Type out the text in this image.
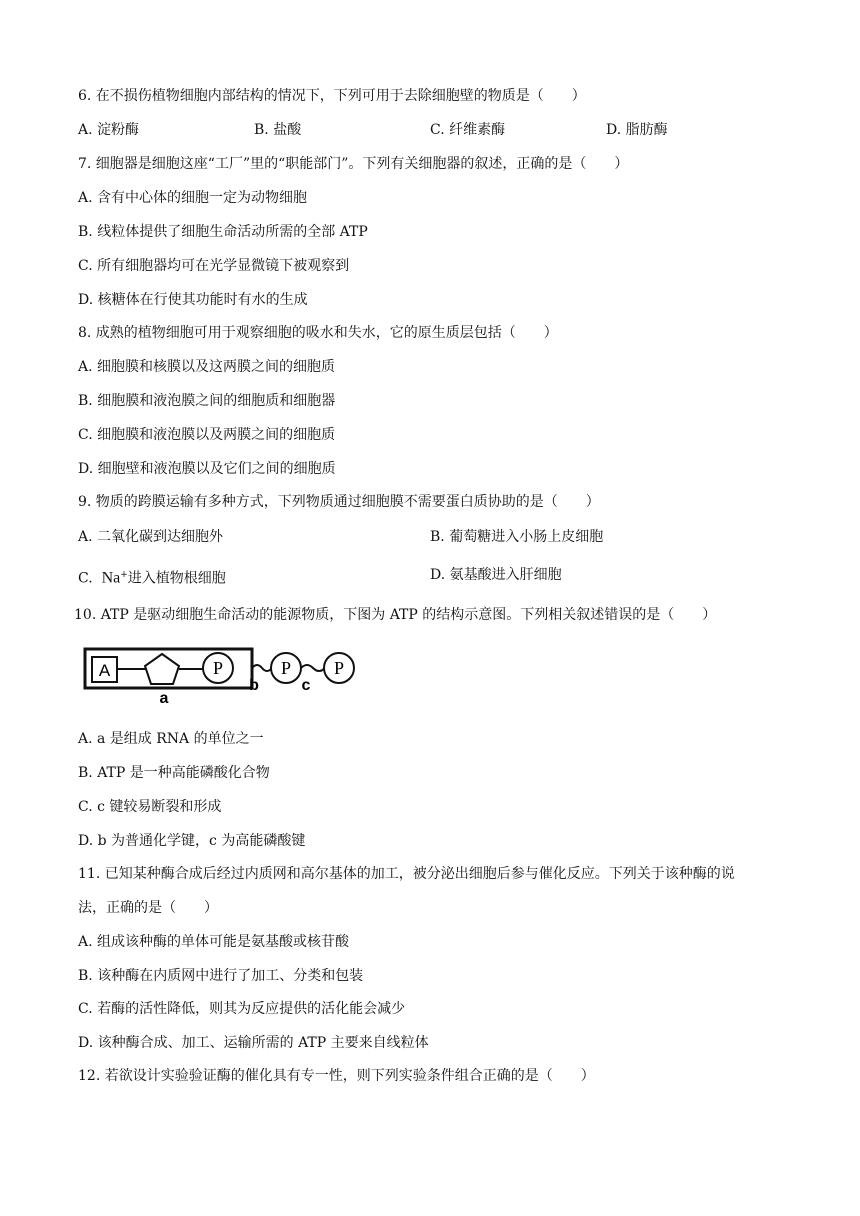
6. 在不损伤植物细胞内部结构的情况下，下列可用于去除细胞壁的物质是（　　）
A. 淀粉酶	B. 盐酸	C. 纤维素酶	D. 脂肪酶
7. 细胞器是细胞这座“工厂”里的“职能部门”。下列有关细胞器的叙述，正确的是（　　）
A. 含有中心体的细胞一定为动物细胞
B. 线粒体提供了细胞生命活动所需的全部 ATP
C. 所有细胞器均可在光学显微镜下被观察到
D. 核糖体在行使其功能时有水的生成
8. 成熟的植物细胞可用于观察细胞的吸水和失水，它的原生质层包括（　　）
A. 细胞膜和核膜以及这两膜之间的细胞质
B. 细胞膜和液泡膜之间的细胞质和细胞器
C. 细胞膜和液泡膜以及两膜之间的细胞质
D. 细胞壁和液泡膜以及它们之间的细胞质
9. 物质的跨膜运输有多种方式，下列物质通过细胞膜不需要蛋白质协助的是（　　）
A. 二氧化碳到达细胞外	B. 葡萄糖进入小肠上皮细胞
C. Na+进入植物根细胞	D. 氨基酸进入肝细胞
10. ATP 是驱动细胞生命活动的能源物质，下图为 ATP 的结构示意图。下列相关叙述错误的是（　　）
A	P	P P
a
b	c
A. a 是组成 RNA 的单位之一
B. ATP 是一种高能磷酸化合物
C. c 键较易断裂和形成
D. b 为普通化学键，c 为高能磷酸键
11. 已知某种酶合成后经过内质网和高尔基体的加工，被分泌出细胞后参与催化反应。下列关于该种酶的说
法，正确的是（　　）
A. 组成该种酶的单体可能是氨基酸或核苷酸
B. 该种酶在内质网中进行了加工、分类和包装
C. 若酶的活性降低，则其为反应提供的活化能会减少
D. 该种酶合成、加工、运输所需的 ATP 主要来自线粒体
12. 若欲设计实验验证酶的催化具有专一性，则下列实验条件组合正确的是（　　）
